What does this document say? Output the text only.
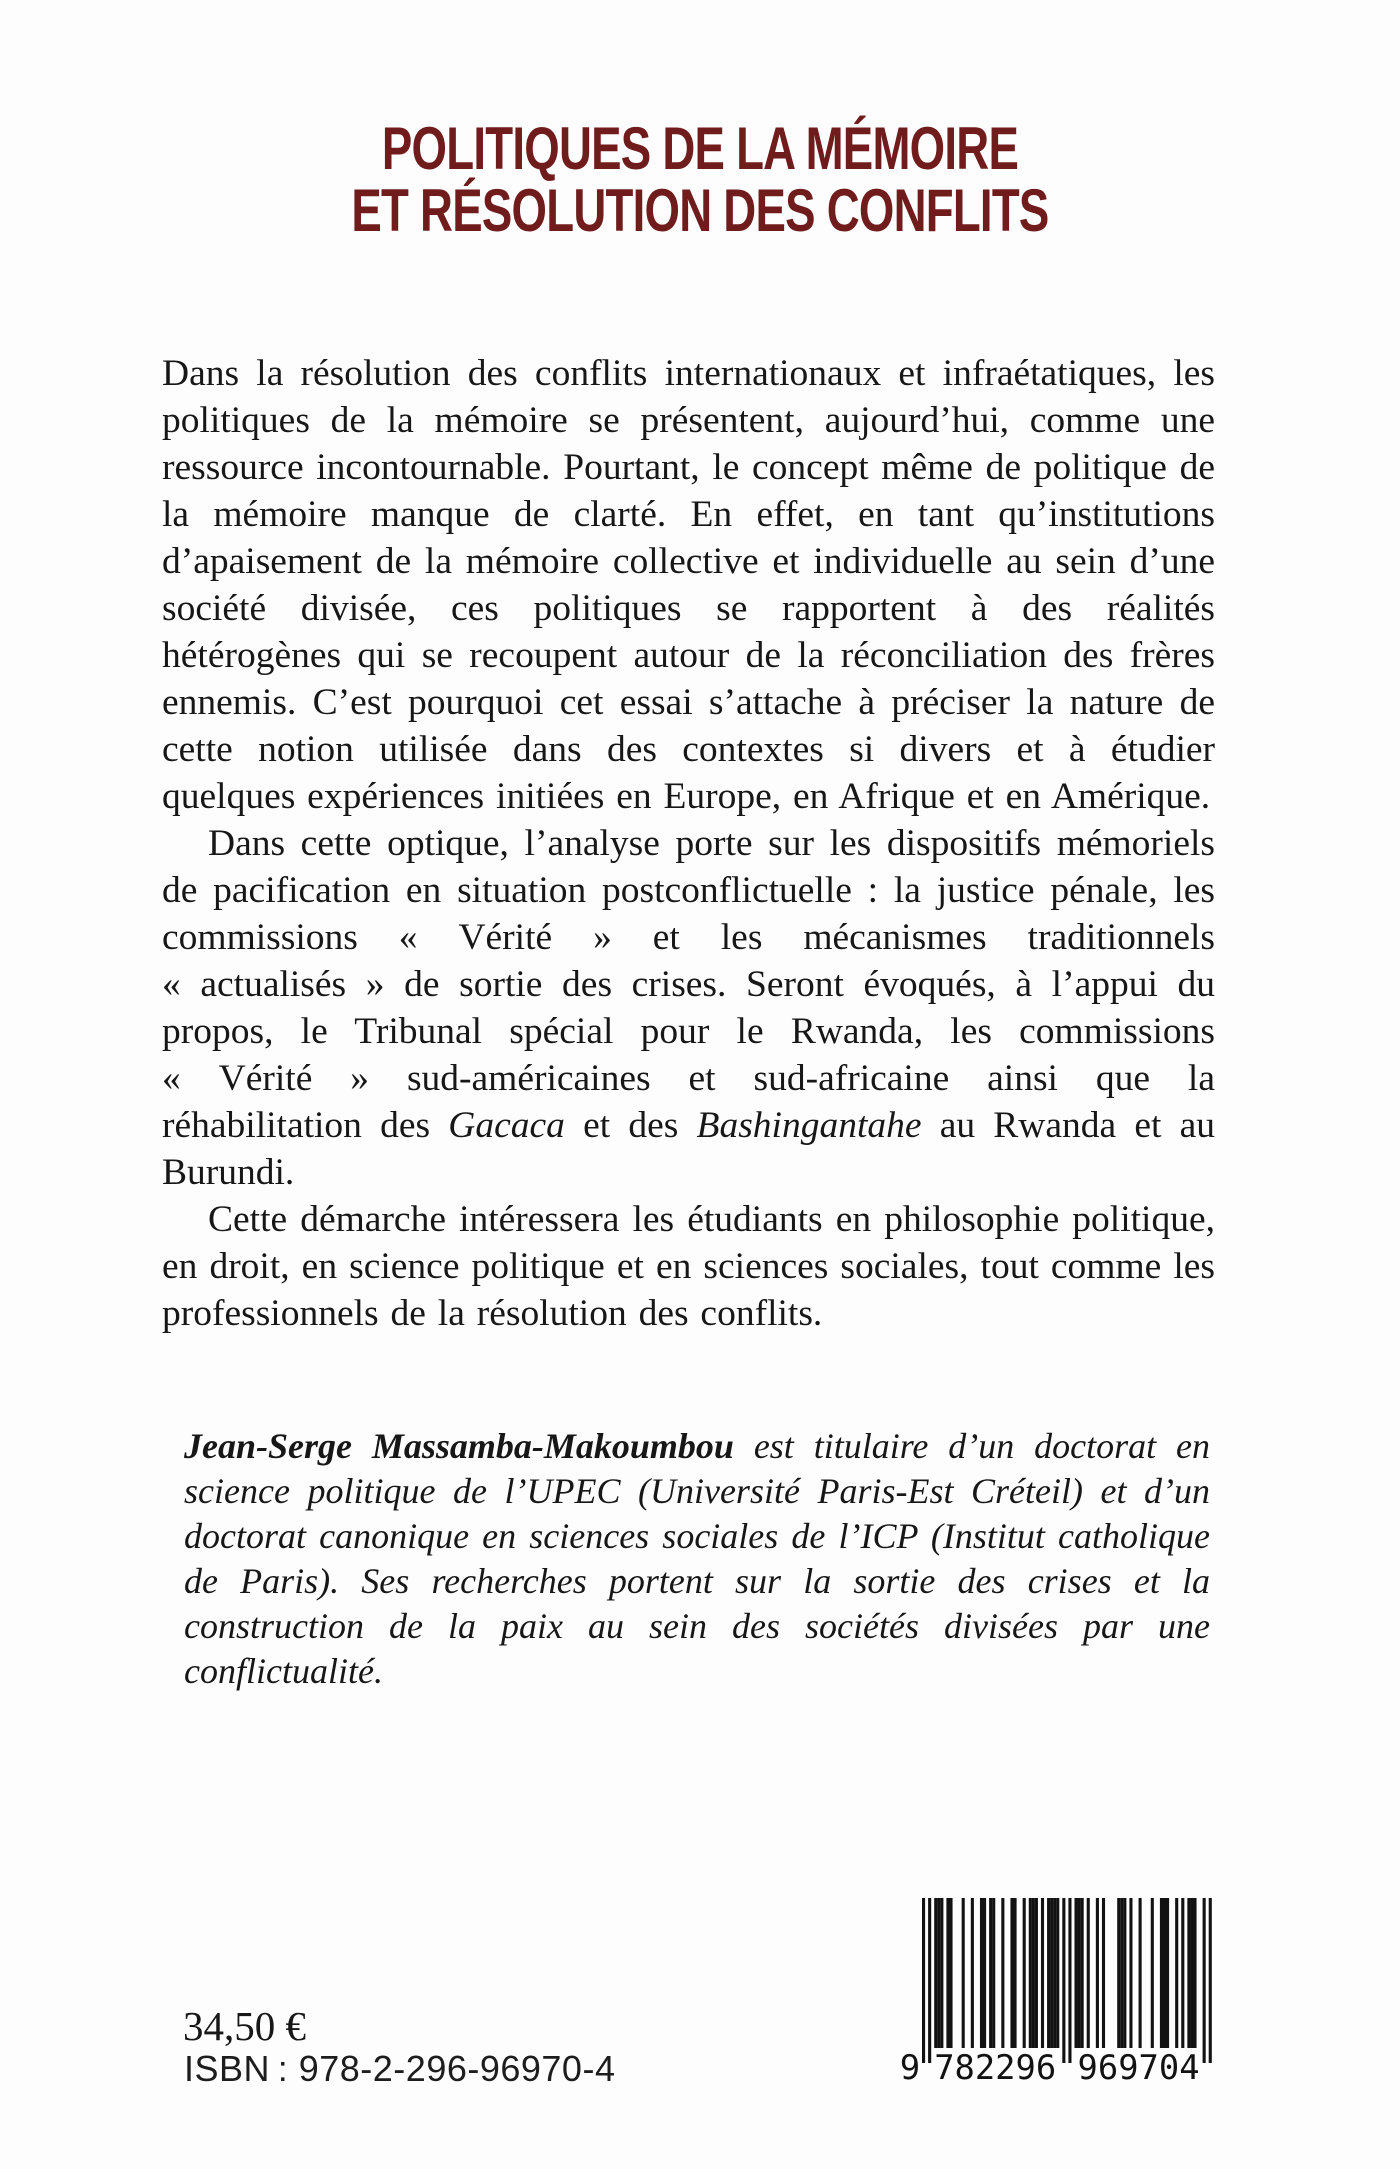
POLITIQUES DE LA MÉMOIRE
ET RÉSOLUTION DES CONFLITS

Dans la résolution des conflits internationaux et infraétatiques, les politiques de la mémoire se présentent, aujourd’hui, comme une ressource incontournable. Pourtant, le concept même de politique de la mémoire manque de clarté. En effet, en tant qu’institutions d’apaisement de la mémoire collective et individuelle au sein d’une société divisée, ces politiques se rapportent à des réalités hétérogènes qui se recoupent autour de la réconciliation des frères ennemis. C’est pourquoi cet essai s’attache à préciser la nature de cette notion utilisée dans des contextes si divers et à étudier quelques expériences initiées en Europe, en Afrique et en Amérique.

Dans cette optique, l’analyse porte sur les dispositifs mémoriels de pacification en situation postconflictuelle : la justice pénale, les commissions « Vérité » et les mécanismes traditionnels « actualisés » de sortie des crises. Seront évoqués, à l’appui du propos, le Tribunal spécial pour le Rwanda, les commissions « Vérité » sud-américaines et sud-africaine ainsi que la réhabilitation des Gacaca et des Bashingantahe au Rwanda et au Burundi.

Cette démarche intéressera les étudiants en philosophie politique, en droit, en science politique et en sciences sociales, tout comme les professionnels de la résolution des conflits.

Jean-Serge Massamba-Makoumbou est titulaire d’un doctorat en science politique de l’UPEC (Université Paris-Est Créteil) et d’un doctorat canonique en sciences sociales de l’ICP (Institut catholique de Paris). Ses recherches portent sur la sortie des crises et la construction de la paix au sein des sociétés divisées par une conflictualité.
34,50 €
ISBN : 978-2-296-96970-4	9 782296 969704
